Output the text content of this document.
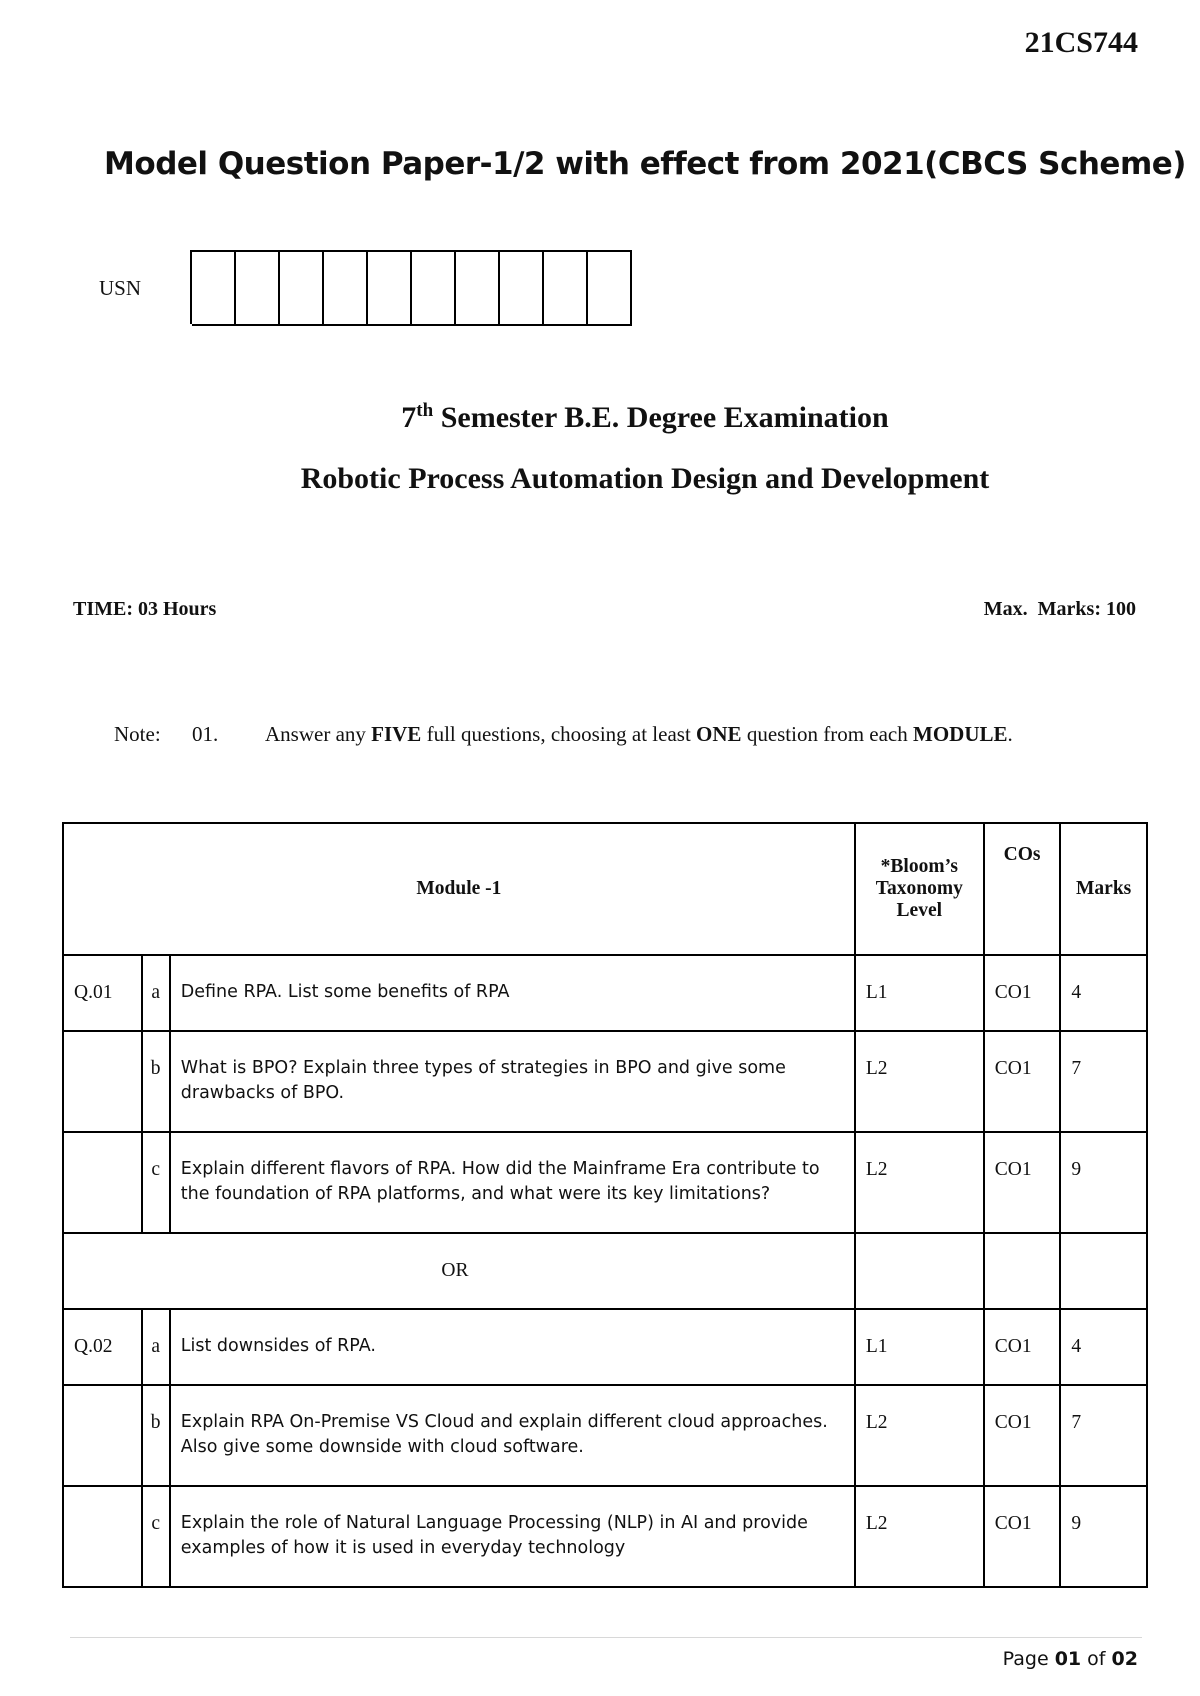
21CS744
Model Question Paper-1/2 with effect from 2021(CBCS Scheme)
USN
7th Semester B.E. Degree Examination
Robotic Process Automation Design and Development
TIME: 03 Hours	Max.  Marks: 100
Note: 01. Answer any FIVE full questions, choosing at least ONE question from each MODULE.
Module -1			*Bloom’s
Taxonomy
Level	COs	Marks
Q.01	a	Define RPA. List some benefits of RPA	L1	CO1	4
	b	What is BPO? Explain three types of strategies in BPO and give some drawbacks of BPO.	L2	CO1	7
	c	Explain different flavors of RPA. How did the Mainframe Era contribute to the foundation of RPA platforms, and what were its key limitations?	L2	CO1	9
OR					
Q.02	a	List downsides of RPA.	L1	CO1	4
	b	Explain RPA On-Premise VS Cloud and explain different cloud approaches. Also give some downside with cloud software.	L2	CO1	7
	c	Explain the role of Natural Language Processing (NLP) in AI and provide examples of how it is used in everyday technology	L2	CO1	9
Page 01 of 02
